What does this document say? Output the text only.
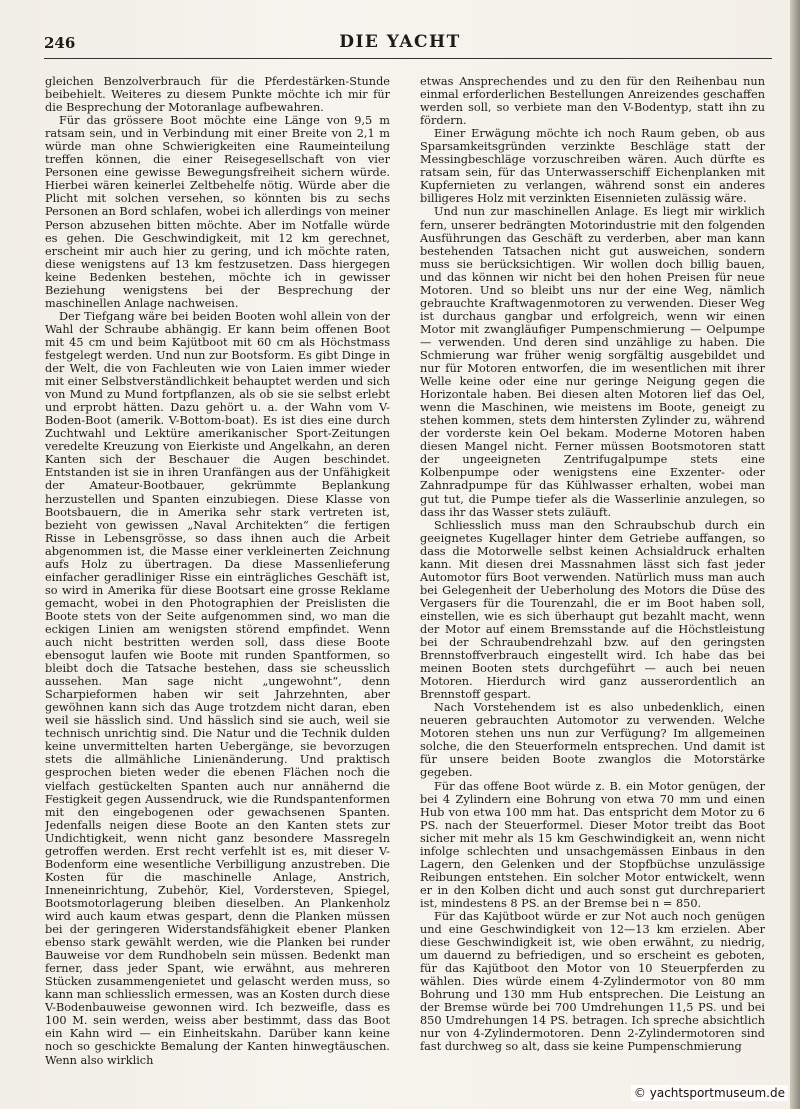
246	DIE YACHT

gleichen Benzolverbrauch für die Pferdestärken-Stunde beibehielt. Weiteres zu diesem Punkte möchte ich mir für die Besprechung der Motoranlage aufbewahren.

Für das grössere Boot möchte eine Länge von 9,5 m ratsam sein, und in Verbindung mit einer Breite von 2,1 m würde man ohne Schwierigkeiten eine Raumeinteilung treffen können, die einer Reisegesellschaft von vier Personen eine gewisse Bewegungsfreiheit sichern würde. Hierbei wären keinerlei Zeltbehelfe nötig. Würde aber die Plicht mit solchen versehen, so könnten bis zu sechs Personen an Bord schlafen, wobei ich allerdings von meiner Person abzusehen bitten möchte. Aber im Notfalle würde es gehen. Die Geschwindigkeit, mit 12 km gerechnet, erscheint mir auch hier zu gering, und ich möchte raten, diese wenigstens auf 13 km festzusetzen. Dass hiergegen keine Bedenken bestehen, möchte ich in gewisser Beziehung wenigstens bei der Besprechung der maschinellen Anlage nachweisen.

Der Tiefgang wäre bei beiden Booten wohl allein von der Wahl der Schraube abhängig. Er kann beim offenen Boot mit 45 cm und beim Kajütboot mit 60 cm als Höchstmass festgelegt werden. Und nun zur Bootsform. Es gibt Dinge in der Welt, die von Fachleuten wie von Laien immer wieder mit einer Selbstverständlichkeit behauptet werden und sich von Mund zu Mund fortpflanzen, als ob sie sie selbst erlebt und erprobt hätten. Dazu gehört u. a. der Wahn vom V-Boden-Boot (amerik. V-Bottom-boat). Es ist dies eine durch Zuchtwahl und Lektüre amerikanischer Sport-Zeitungen veredelte Kreuzung von Eierkiste und Angelkahn, an deren Kanten sich der Beschauer die Augen beschindet. Entstanden ist sie in ihren Uranfängen aus der Unfähigkeit der Amateur-Bootbauer, gekrümmte Beplankung herzustellen und Spanten einzubiegen. Diese Klasse von Bootsbauern, die in Amerika sehr stark vertreten ist, bezieht von gewissen „Naval Architekten“ die fertigen Risse in Lebensgrösse, so dass ihnen auch die Arbeit abgenommen ist, die Masse einer verkleinerten Zeichnung aufs Holz zu übertragen. Da diese Massenlieferung einfacher geradliniger Risse ein einträgliches Geschäft ist, so wird in Amerika für diese Bootsart eine grosse Reklame gemacht, wobei in den Photographien der Preislisten die Boote stets von der Seite aufgenommen sind, wo man die eckigen Linien am wenigsten störend empfindet. Wenn auch nicht bestritten werden soll, dass diese Boote ebensogut laufen wie Boote mit runden Spantformen, so bleibt doch die Tatsache bestehen, dass sie scheusslich aussehen. Man sage nicht „ungewohnt“, denn Scharpieformen haben wir seit Jahrzehnten, aber gewöhnen kann sich das Auge trotzdem nicht daran, eben weil sie hässlich sind. Und hässlich sind sie auch, weil sie technisch unrichtig sind. Die Natur und die Technik dulden keine unvermittelten harten Uebergänge, sie bevorzugen stets die allmähliche Linienänderung. Und praktisch gesprochen bieten weder die ebenen Flächen noch die vielfach gestückelten Spanten auch nur annähernd die Festigkeit gegen Aussendruck, wie die Rundspantenformen mit den eingebogenen oder gewachsenen Spanten. Jedenfalls neigen diese Boote an den Kanten stets zur Undichtigkeit, wenn nicht ganz besondere Massregeln getroffen werden. Erst recht verfehlt ist es, mit dieser V-Bodenform eine wesentliche Verbilligung anzustreben. Die Kosten für die maschinelle Anlage, Anstrich, Inneneinrichtung, Zubehör, Kiel, Vordersteven, Spiegel, Bootsmotorlagerung bleiben dieselben. An Plankenholz wird auch kaum etwas gespart, denn die Planken müssen bei der geringeren Widerstandsfähigkeit ebener Planken ebenso stark gewählt werden, wie die Planken bei runder Bauweise vor dem Rundhobeln sein müssen. Bedenkt man ferner, dass jeder Spant, wie erwähnt, aus mehreren Stücken zusammengenietet und gelascht werden muss, so kann man schliesslich ermessen, was an Kosten durch diese V-Bodenbauweise gewonnen wird. Ich bezweifle, dass es 100 M. sein werden, weiss aber bestimmt, dass das Boot ein Kahn wird — ein Einheitskahn. Darüber kann keine noch so geschickte Bemalung der Kanten hinwegtäuschen. Wenn also wirklich

etwas Ansprechendes und zu den für den Reihenbau nun einmal erforderlichen Bestellungen Anreizendes geschaffen werden soll, so verbiete man den V-Bodentyp, statt ihn zu fördern.

Einer Erwägung möchte ich noch Raum geben, ob aus Sparsamkeitsgründen verzinkte Beschläge statt der Messingbeschläge vorzuschreiben wären. Auch dürfte es ratsam sein, für das Unterwasserschiff Eichenplanken mit Kupfernieten zu verlangen, während sonst ein anderes billigeres Holz mit verzinkten Eisennieten zulässig wäre.

Und nun zur maschinellen Anlage. Es liegt mir wirklich fern, unserer bedrängten Motorindustrie mit den folgenden Ausführungen das Geschäft zu verderben, aber man kann bestehenden Tatsachen nicht gut ausweichen, sondern muss sie berücksichtigen. Wir wollen doch billig bauen, und das können wir nicht bei den hohen Preisen für neue Motoren. Und so bleibt uns nur der eine Weg, nämlich gebrauchte Kraftwagenmotoren zu verwenden. Dieser Weg ist durchaus gangbar und erfolgreich, wenn wir einen Motor mit zwangläufiger Pumpenschmierung — Oelpumpe — verwenden. Und deren sind unzählige zu haben. Die Schmierung war früher wenig sorgfältig ausgebildet und nur für Motoren entworfen, die im wesentlichen mit ihrer Welle keine oder eine nur geringe Neigung gegen die Horizontale haben. Bei diesen alten Motoren lief das Oel, wenn die Maschinen, wie meistens im Boote, geneigt zu stehen kommen, stets dem hintersten Zylinder zu, während der vorderste kein Oel bekam. Moderne Motoren haben diesen Mangel nicht. Ferner müssen Bootsmotoren statt der ungeeigneten Zentrifugalpumpe stets eine Kolbenpumpe oder wenigstens eine Exzenter- oder Zahnradpumpe für das Kühlwasser erhalten, wobei man gut tut, die Pumpe tiefer als die Wasserlinie anzulegen, so dass ihr das Wasser stets zuläuft.

Schliesslich muss man den Schraubschub durch ein geeignetes Kugellager hinter dem Getriebe auffangen, so dass die Motorwelle selbst keinen Achsialdruck erhalten kann. Mit diesen drei Massnahmen lässt sich fast jeder Automotor fürs Boot verwenden. Natürlich muss man auch bei Gelegenheit der Ueberholung des Motors die Düse des Vergasers für die Tourenzahl, die er im Boot haben soll, einstellen, wie es sich überhaupt gut bezahlt macht, wenn der Motor auf einem Bremsstande auf die Höchstleistung bei der Schraubendrehzahl bzw. auf den geringsten Brennstoffverbrauch eingestellt wird. Ich habe das bei meinen Booten stets durchgeführt — auch bei neuen Motoren. Hierdurch wird ganz ausserordentlich an Brennstoff gespart.

Nach Vorstehendem ist es also unbedenklich, einen neueren gebrauchten Automotor zu verwenden. Welche Motoren stehen uns nun zur Verfügung? Im allgemeinen solche, die den Steuerformeln entsprechen. Und damit ist für unsere beiden Boote zwanglos die Motorstärke gegeben.

Für das offene Boot würde z. B. ein Motor genügen, der bei 4 Zylindern eine Bohrung von etwa 70 mm und einen Hub von etwa 100 mm hat. Das entspricht dem Motor zu 6 PS. nach der Steuerformel. Dieser Motor treibt das Boot sicher mit mehr als 15 km Geschwindigkeit an, wenn nicht infolge schlechten und unsachgemässen Einbaus in den Lagern, den Gelenken und der Stopfbüchse unzulässige Reibungen entstehen. Ein solcher Motor entwickelt, wenn er in den Kolben dicht und auch sonst gut durchrepariert ist, mindestens 8 PS. an der Bremse bei n = 850.

Für das Kajütboot würde er zur Not auch noch genügen und eine Geschwindigkeit von 12—13 km erzielen. Aber diese Geschwindigkeit ist, wie oben erwähnt, zu niedrig, um dauernd zu befriedigen, und so erscheint es geboten, für das Kajütboot den Motor von 10 Steuerpferden zu wählen. Dies würde einem 4-Zylindermotor von 80 mm Bohrung und 130 mm Hub entsprechen. Die Leistung an der Bremse würde bei 700 Umdrehungen 11,5 PS. und bei 850 Umdrehungen 14 PS. betragen. Ich spreche absichtlich nur von 4-Zylindermotoren. Denn 2-Zylindermotoren sind fast durchweg so alt, dass sie keine Pumpenschmierung

© yachtsportmuseum.de
